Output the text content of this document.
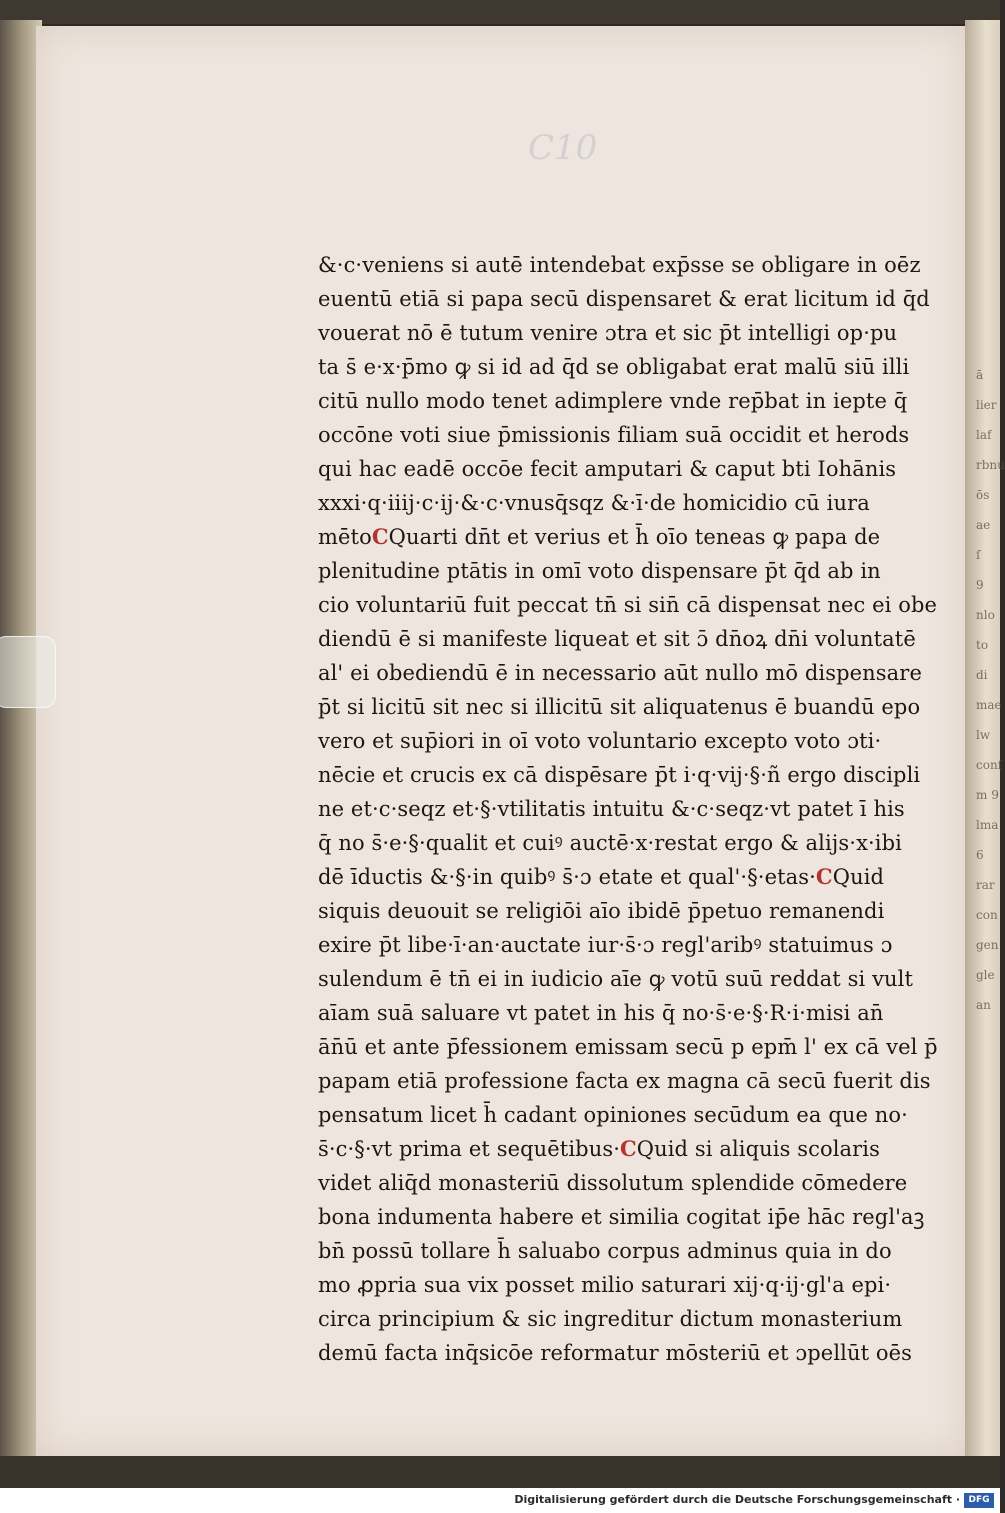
ā
lier
laf
rbnu
ōs
ae
ſ
9
nlo
to
di
mae
lw
conſ
m 9
lma
6
rar
con
gen
gle
an
C10
&·c·veniens si autē intendebat exp̄sse se obligare in oēz
euentū etiā si papa secū dispensaret & erat licitum id q̄d
vouerat nō ē tutum venire ɔtra et sic p̄t intelligi op·pu
ta s̄ e·x·p̄mo ꝙ si id ad q̄d se obligabat erat malū siū illi
citū nullo modo tenet adimplere vnde rep̄bat in iepte q̄
occōne voti siue p̄missionis filiam suā occidit et herods
qui hac eadē occōe fecit amputari & caput bti Iohānis
xxxi·q·iiij·c·ij·&·c·vnusq̄sqz &·ī·de homicidio cū iura
mētoCQuarti dn̄t et verius et h̄ oīo teneas ꝙ papa de
plenitudine ptātis in omī voto dispensare p̄t q̄d ab in
cio voluntariū fuit peccat tn̄ si sin̄ cā dispensat nec ei obe
diendū ē si manifeste liqueat et sit ɔ̄ dn̄oꝝ dn̄i voluntatē
al' ei obediendū ē in necessario aūt nullo mō dispensare
p̄t si licitū sit nec si illicitū sit aliquatenus ē buandū epo
vero et sup̄iori in oī voto voluntario excepto voto ɔti·
nēcie et crucis ex cā dispēsare p̄t i·q·vij·§·ñ ergo discipli
ne et·c·seqz et·§·vtilitatis intuitu &·c·seqz·vt patet ī his
q̄ no s̄·e·§·qualit et cuiꝰ auctē·x·restat ergo & alijs·x·ibi
dē īductis &·§·in quibꝰ s̄·ɔ etate et qual'·§·etas·CQuid
siquis deuouit se religiōi aīo ibidē p̄petuo remanendi
exire p̄t libe·ī·an·auctate iur·s̄·ɔ regl'aribꝰ statuimus ɔ
sulendum ē tn̄ ei in iudicio aīe ꝙ votū suū reddat si vult
aīam suā saluare vt patet in his q̄ no·s̄·e·§·R·i·misi an̄
ān̄ū et ante p̄fessionem emissam secū p epm̄ l' ex cā vel p̄
papam etiā professione facta ex magna cā secū fuerit dis
pensatum licet h̄ cadant opiniones secūdum ea que no·
s̄·c·§·vt prima et sequētibus·CQuid si aliquis scolaris
videt aliq̄d monasteriū dissolutum splendide cōmedere
bona indumenta habere et similia cogitat ip̄e hāc regl'aꝫ
bn̄ possū tollare h̄ saluabo corpus adminus quia in do
mo ꝓpria sua vix posset milio saturari xij·q·ij·gl'a epi·
circa principium & sic ingreditur dictum monasterium
demū facta inq̄sicōe reformatur mōsteriū et ɔpellūt oēs
Digitalisierung gefördert durch die Deutsche Forschungsgemeinschaft · DFG
